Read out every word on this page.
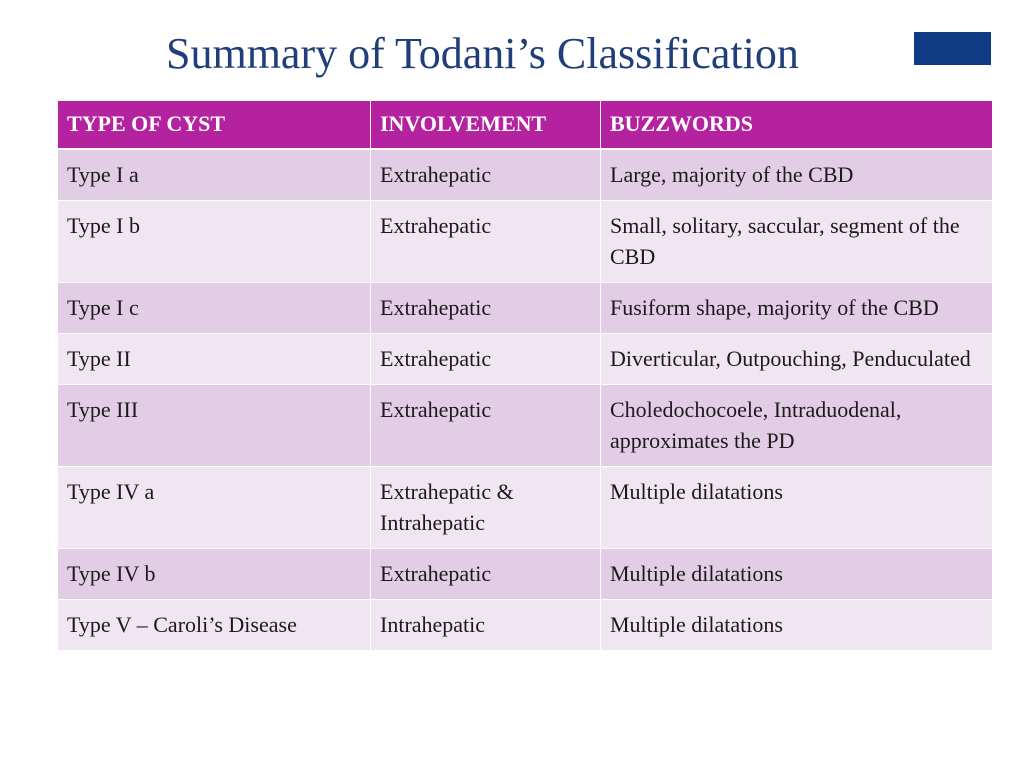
Summary of Todani’s Classification
TYPE OF CYST	INVOLVEMENT	BUZZWORDS
Type I a	Extrahepatic	Large, majority of the CBD
Type I b	Extrahepatic	Small, solitary, saccular, segment of the CBD
Type I c	Extrahepatic	Fusiform shape, majority of the CBD
Type II	Extrahepatic	Diverticular, Outpouching, Penduculated
Type III	Extrahepatic	Choledochocoele, Intraduodenal, approximates the PD
Type IV a	Extrahepatic & Intrahepatic	Multiple dilatations
Type IV b	Extrahepatic	Multiple dilatations
Type V – Caroli’s Disease	Intrahepatic	Multiple dilatations
